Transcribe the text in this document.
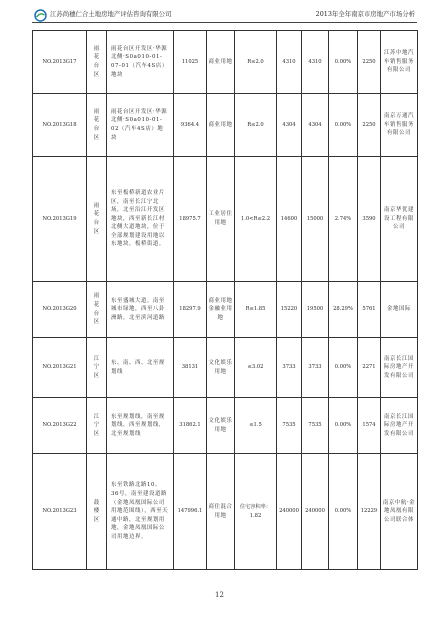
江苏尚穗仁合土地房地产评估咨询有限公司	2013年全年南京市房地产市场分析
NO.2013G17	雨花台区	雨花台区开发区·华源北侧·S0a010-01-07-01（汽车4S店）地块	11025	商业用地	R≤2.0	4310	4310	0.00%	2250	江苏中地汽车销售服务有限公司
NO.2013G18	雨花台区	雨花台区开发区·华源北侧·S0a010-01-02（汽车4S店）地块	9364.4	商业用地	R≤2.0	4304	4304	0.00%	2250	南京万通汽车销售服务有限公司
NO.2013G19	雨花台区	东至板桥新道农业片区，南至长江宁北场，北至沿江开发区地块，西至新长江村北侧大道地块，位于全部规划建设用地以东地块，板桥街道。	18975.7	工业居住用地	1.0<R≤2.2	14600	15000	2.74%	3590	南京华优建设工程有限公司
NO.2013G20	雨花台区	东至盛城大道，南至城市绿地，西至八卦洲路，北至滨河道路	18297.9	商业用地金融业用地	R≤1.85	15220	19500	28.29%	5761	金地国际
NO.2013G21	江宁区	东、南、西、北至规划线	38131	文化娱乐用地	≤3.02	3733	3733	0.00%	2271	南京长江国际房地产开发有限公司
NO.2013G22	江宁区	东至规划线，南至规划线，西至规划线，北至规划线	31862.1	文化娱乐用地	≤1.5	7535	7535	0.00%	1574	南京长江国际房地产开发有限公司
NO.2013G23	鼓楼区	东至铁路北路10、36号，南至建设道路（金地凤凰国际公司用地范围线），西至天通中路，北至规划用地，金地凤凰国际公司用地边界。	147996.1	商住混合用地	住宅容积率：1.82	240000	240000	0.00%	12229	南京中航·金地凤凰有限公司联合体
12
